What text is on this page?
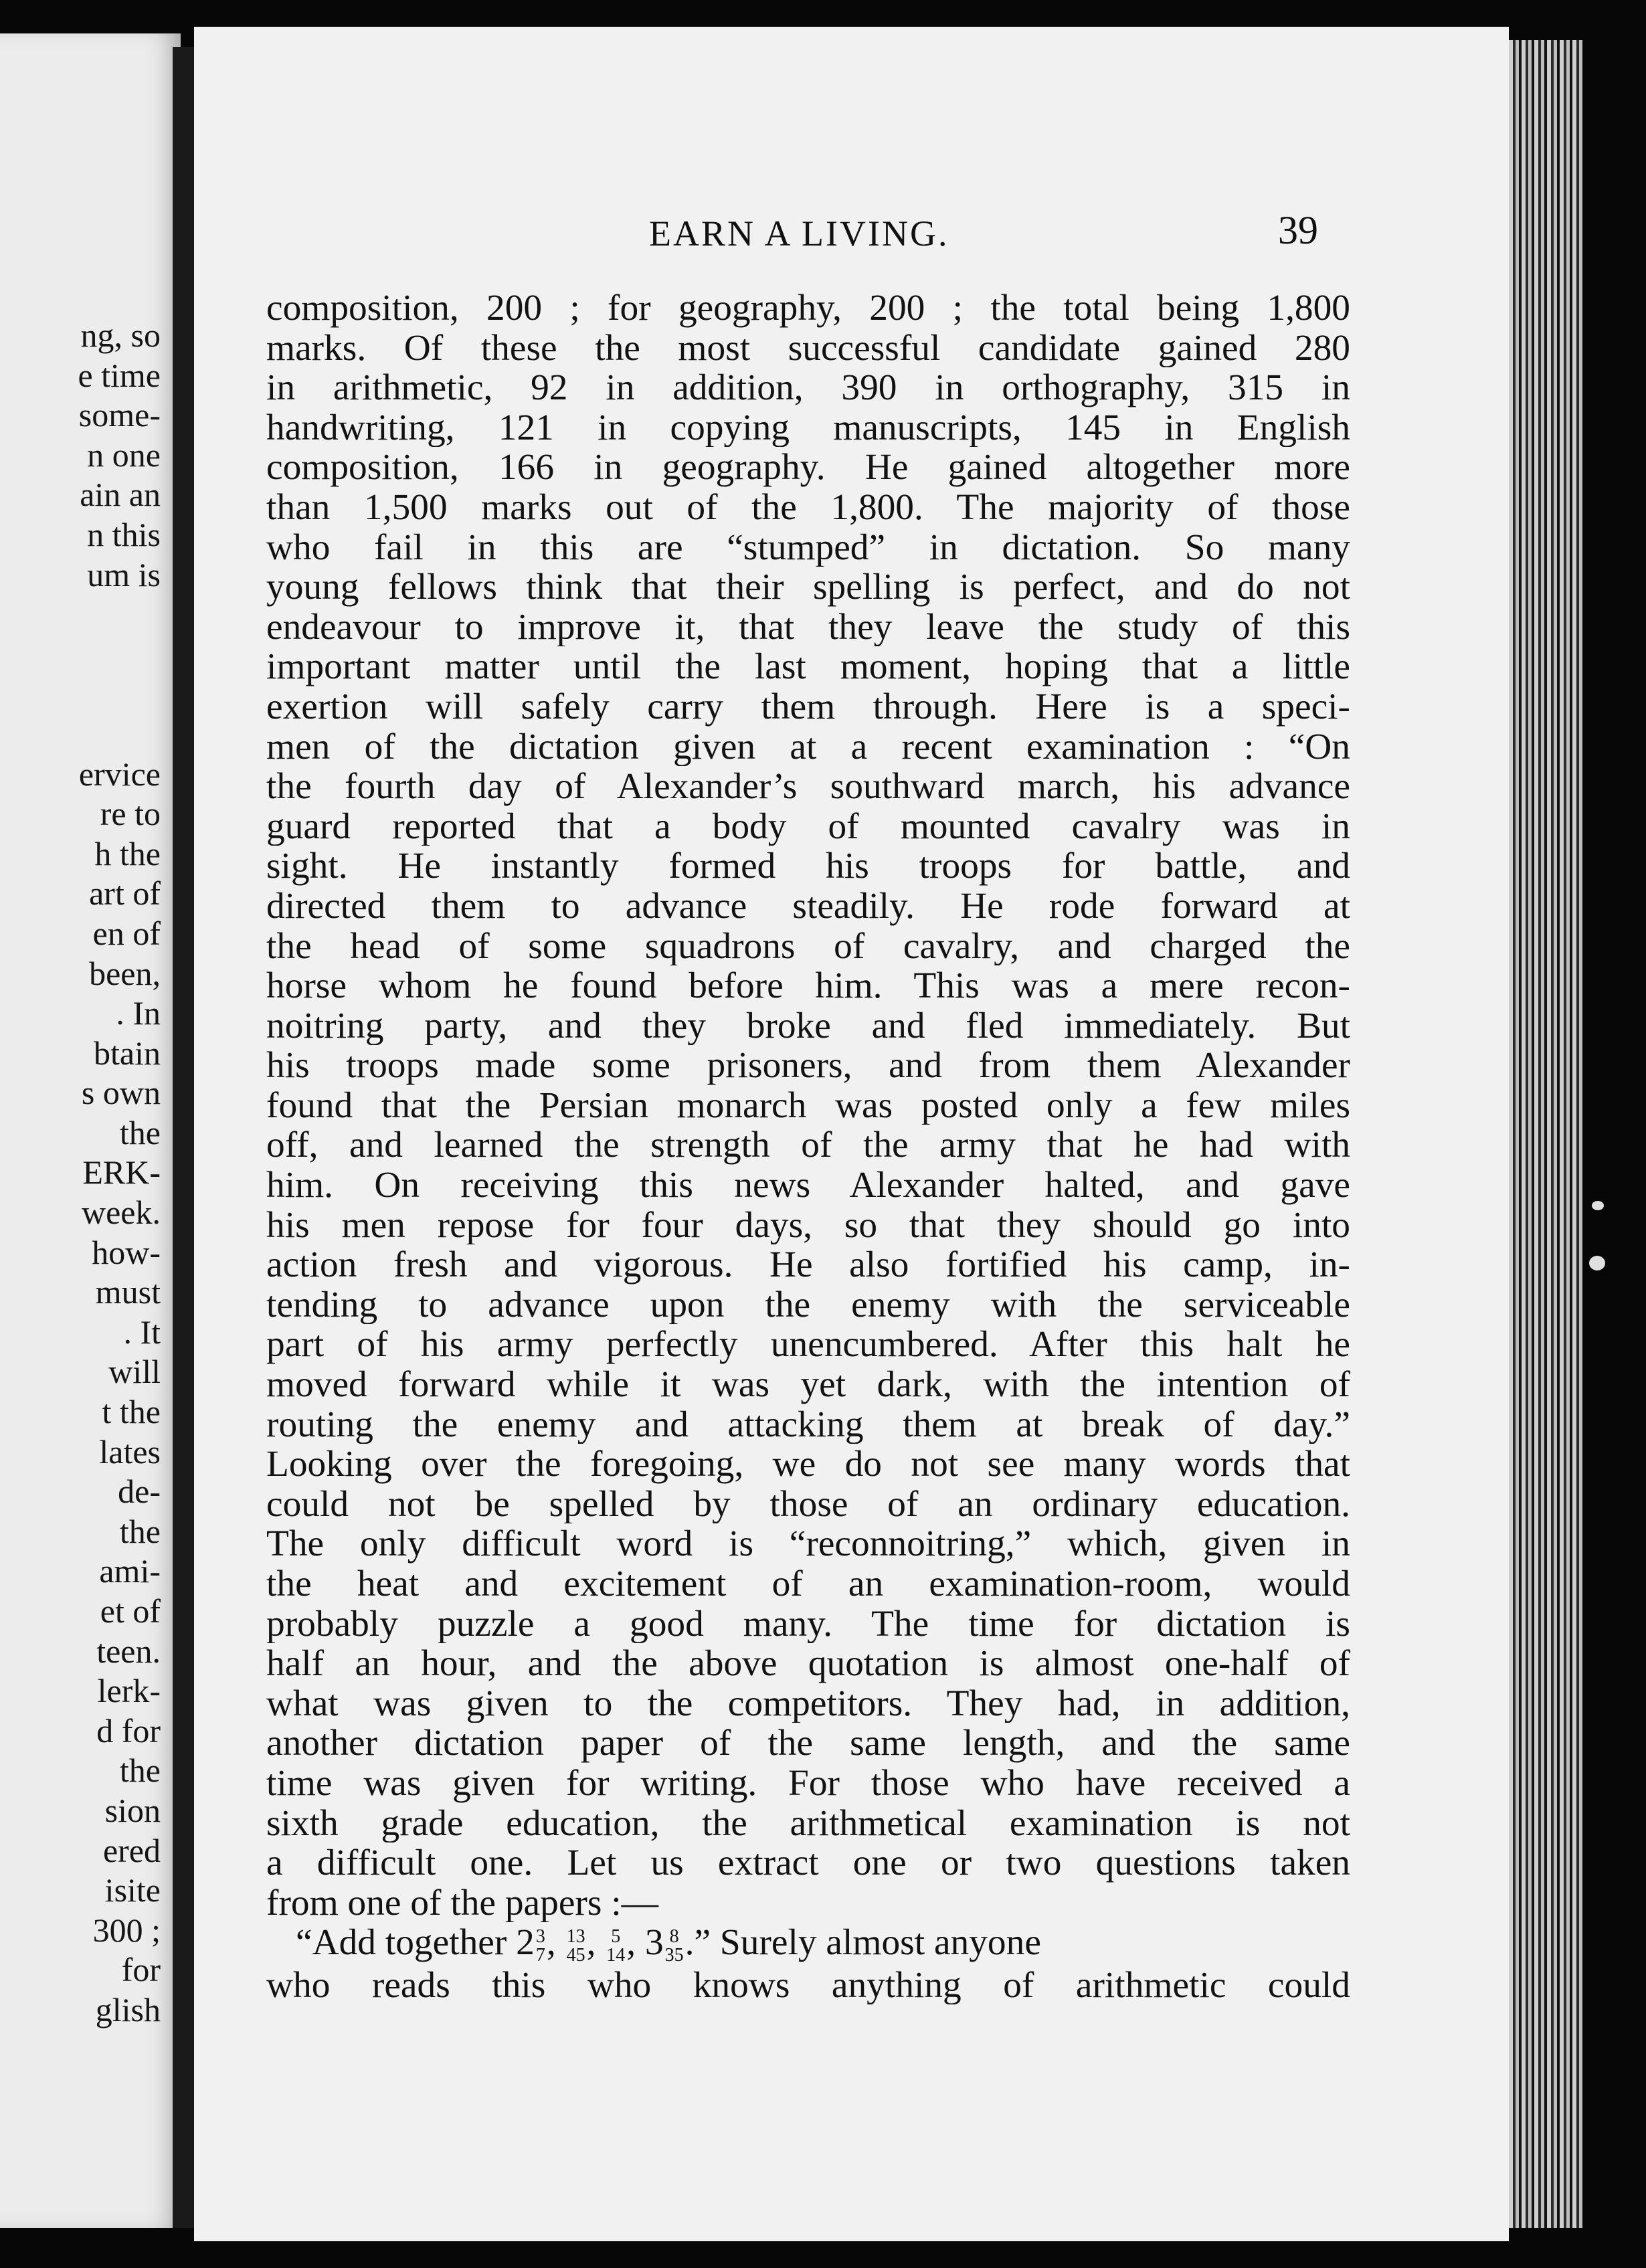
ng, so
e time
some-
n one
ain an
n this
um is

ervice
re to
h the
art of
en of
been,
. In
btain
s own
the
ERK-
week.
how-
must
. It
will
t the
lates
de-
the
ami-
et of
teen.
lerk-
d for
the
sion
ered
isite
300 ;
for
glish
EARN A LIVING.	39
composition, 200 ; for geography, 200 ; the total being 1,800
marks. Of these the most successful candidate gained 280
in arithmetic, 92 in addition, 390 in orthography, 315 in
handwriting, 121 in copying manuscripts, 145 in English
composition, 166 in geography. He gained altogether more
than 1,500 marks out of the 1,800. The majority of those
who fail in this are “stumped” in dictation. So many
young fellows think that their spelling is perfect, and do not
endeavour to improve it, that they leave the study of this
important matter until the last moment, hoping that a little
exertion will safely carry them through. Here is a speci-
men of the dictation given at a recent examination : “On
the fourth day of Alexander’s southward march, his advance
guard reported that a body of mounted cavalry was in
sight. He instantly formed his troops for battle, and
directed them to advance steadily. He rode forward at
the head of some squadrons of cavalry, and charged the
horse whom he found before him. This was a mere recon-
noitring party, and they broke and fled immediately. But
his troops made some prisoners, and from them Alexander
found that the Persian monarch was posted only a few miles
off, and learned the strength of the army that he had with
him. On receiving this news Alexander halted, and gave
his men repose for four days, so that they should go into
action fresh and vigorous. He also fortified his camp, in-
tending to advance upon the enemy with the serviceable
part of his army perfectly unencumbered. After this halt he
moved forward while it was yet dark, with the intention of
routing the enemy and attacking them at break of day.”
Looking over the foregoing, we do not see many words that
could not be spelled by those of an ordinary education.
The only difficult word is “reconnoitring,” which, given in
the heat and excitement of an examination-room, would
probably puzzle a good many. The time for dictation is
half an hour, and the above quotation is almost one-half of
what was given to the competitors. They had, in addition,
another dictation paper of the same length, and the same
time was given for writing. For those who have received a
sixth grade education, the arithmetical examination is not
a difficult one. Let us extract one or two questions taken
from one of the papers :—
“Add together 2 3
7 , 13
45 , 5
14 , 3 8
35 .” Surely almost anyone
who reads this who knows anything of arithmetic could
